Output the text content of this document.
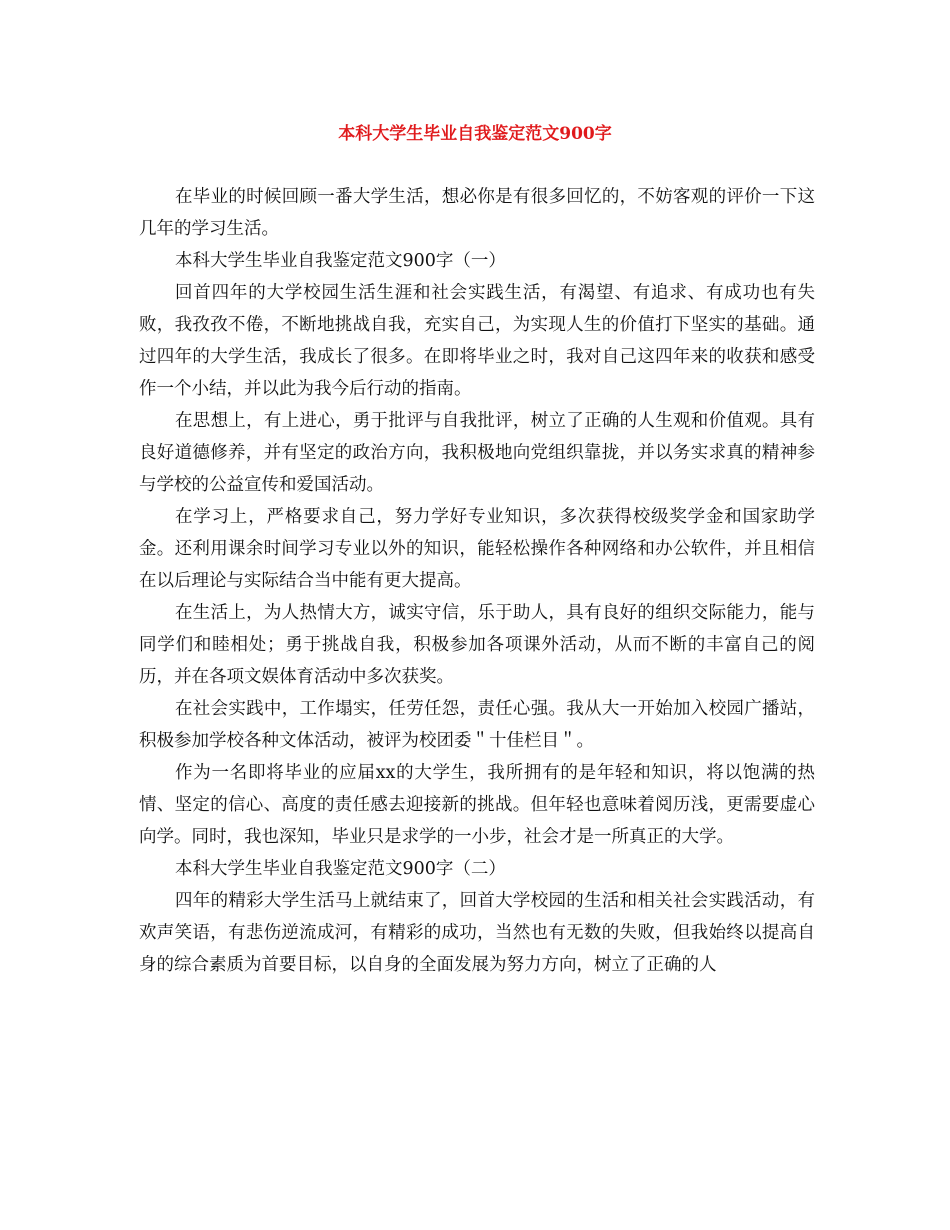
本科大学生毕业自我鉴定范文900字

在毕业的时候回顾一番大学生活，想必你是有很多回忆的，不妨客观的评价一下这几年的学习生活。

本科大学生毕业自我鉴定范文900字（一）

回首四年的大学校园生活生涯和社会实践生活，有渴望、有追求、有成功也有失败，我孜孜不倦，不断地挑战自我，充实自己，为实现人生的价值打下坚实的基础。通过四年的大学生活，我成长了很多。在即将毕业之时，我对自己这四年来的收获和感受作一个小结，并以此为我今后行动的指南。

在思想上，有上进心，勇于批评与自我批评，树立了正确的人生观和价值观。具有良好道德修养，并有坚定的政治方向，我积极地向党组织靠拢，并以务实求真的精神参与学校的公益宣传和爱国活动。

在学习上，严格要求自己，努力学好专业知识，多次获得校级奖学金和国家助学金。还利用课余时间学习专业以外的知识，能轻松操作各种网络和办公软件，并且相信在以后理论与实际结合当中能有更大提高。

在生活上，为人热情大方，诚实守信，乐于助人，具有良好的组织交际能力，能与同学们和睦相处；勇于挑战自我，积极参加各项课外活动，从而不断的丰富自己的阅历，并在各项文娱体育活动中多次获奖。

在社会实践中，工作塌实，任劳任怨，责任心强。我从大一开始加入校园广播站，积极参加学校各种文体活动，被评为校团委＂十佳栏目＂。

作为一名即将毕业的应届xx的大学生，我所拥有的是年轻和知识，将以饱满的热情、坚定的信心、高度的责任感去迎接新的挑战。但年轻也意味着阅历浅，更需要虚心向学。同时，我也深知，毕业只是求学的一小步，社会才是一所真正的大学。

本科大学生毕业自我鉴定范文900字（二）

四年的精彩大学生活马上就结束了，回首大学校园的生活和相关社会实践活动，有欢声笑语，有悲伤逆流成河，有精彩的成功，当然也有无数的失败，但我始终以提高自身的综合素质为首要目标，以自身的全面发展为努力方向，树立了正确的人
